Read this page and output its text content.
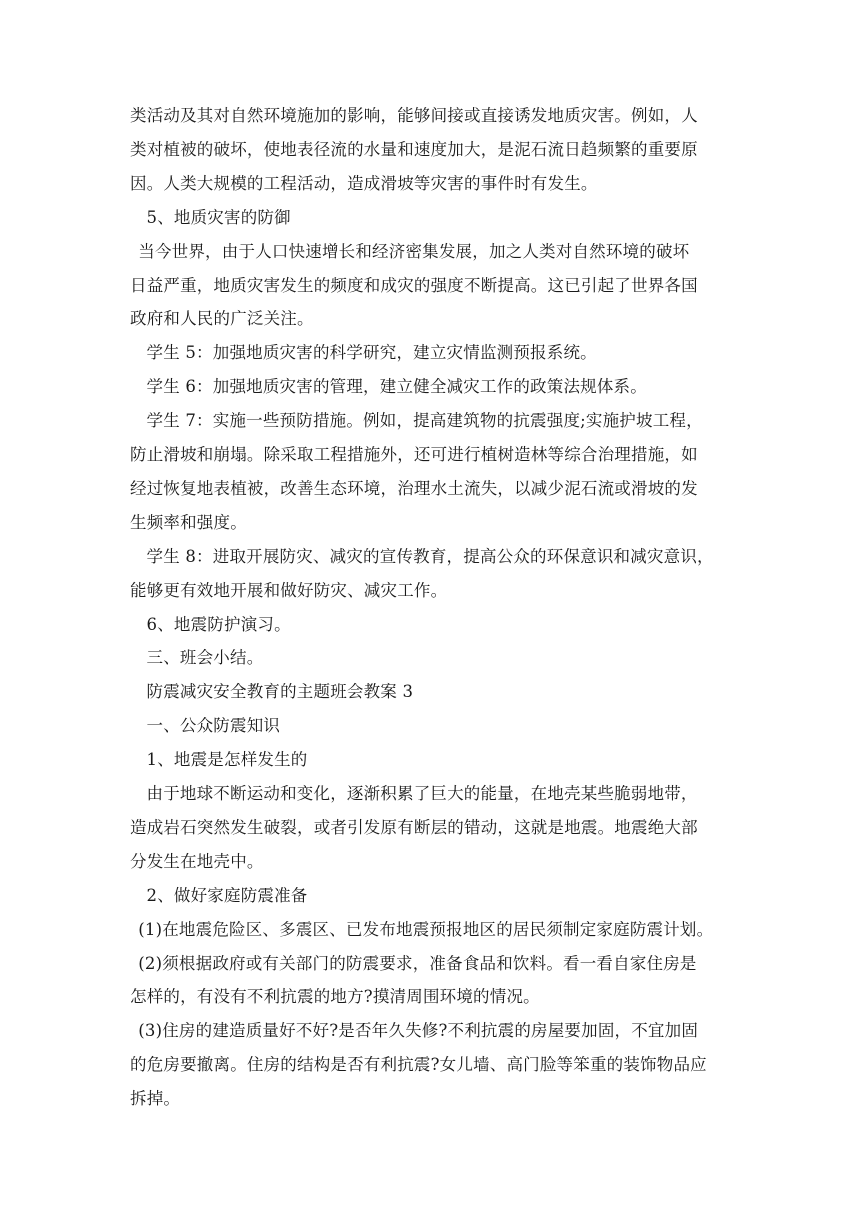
类活动及其对自然环境施加的影响，能够间接或直接诱发地质灾害。例如，人
类对植被的破坏，使地表径流的水量和速度加大，是泥石流日趋频繁的重要原
因。人类大规模的工程活动，造成滑坡等灾害的事件时有发生。
5、地质灾害的防御
当今世界，由于人口快速增长和经济密集发展，加之人类对自然环境的破坏
日益严重，地质灾害发生的频度和成灾的强度不断提高。这已引起了世界各国
政府和人民的广泛关注。
学生 5：加强地质灾害的科学研究，建立灾情监测预报系统。
学生 6：加强地质灾害的管理，建立健全减灾工作的政策法规体系。
学生 7：实施一些预防措施。例如，提高建筑物的抗震强度;实施护坡工程，
防止滑坡和崩塌。除采取工程措施外，还可进行植树造林等综合治理措施，如
经过恢复地表植被，改善生态环境，治理水土流失，以减少泥石流或滑坡的发
生频率和强度。
学生 8：进取开展防灾、减灾的宣传教育，提高公众的环保意识和减灾意识，
能够更有效地开展和做好防灾、减灾工作。
6、地震防护演习。
三、班会小结。
防震减灾安全教育的主题班会教案 3
一、公众防震知识
1、地震是怎样发生的
由于地球不断运动和变化，逐渐积累了巨大的能量，在地壳某些脆弱地带，
造成岩石突然发生破裂，或者引发原有断层的错动，这就是地震。地震绝大部
分发生在地壳中。
2、做好家庭防震准备
(1)在地震危险区、多震区、已发布地震预报地区的居民须制定家庭防震计划。
(2)须根据政府或有关部门的防震要求，准备食品和饮料。看一看自家住房是
怎样的，有没有不利抗震的地方?摸清周围环境的情况。
(3)住房的建造质量好不好?是否年久失修?不利抗震的房屋要加固，不宜加固
的危房要撤离。住房的结构是否有利抗震?女儿墙、高门脸等笨重的装饰物品应
拆掉。
